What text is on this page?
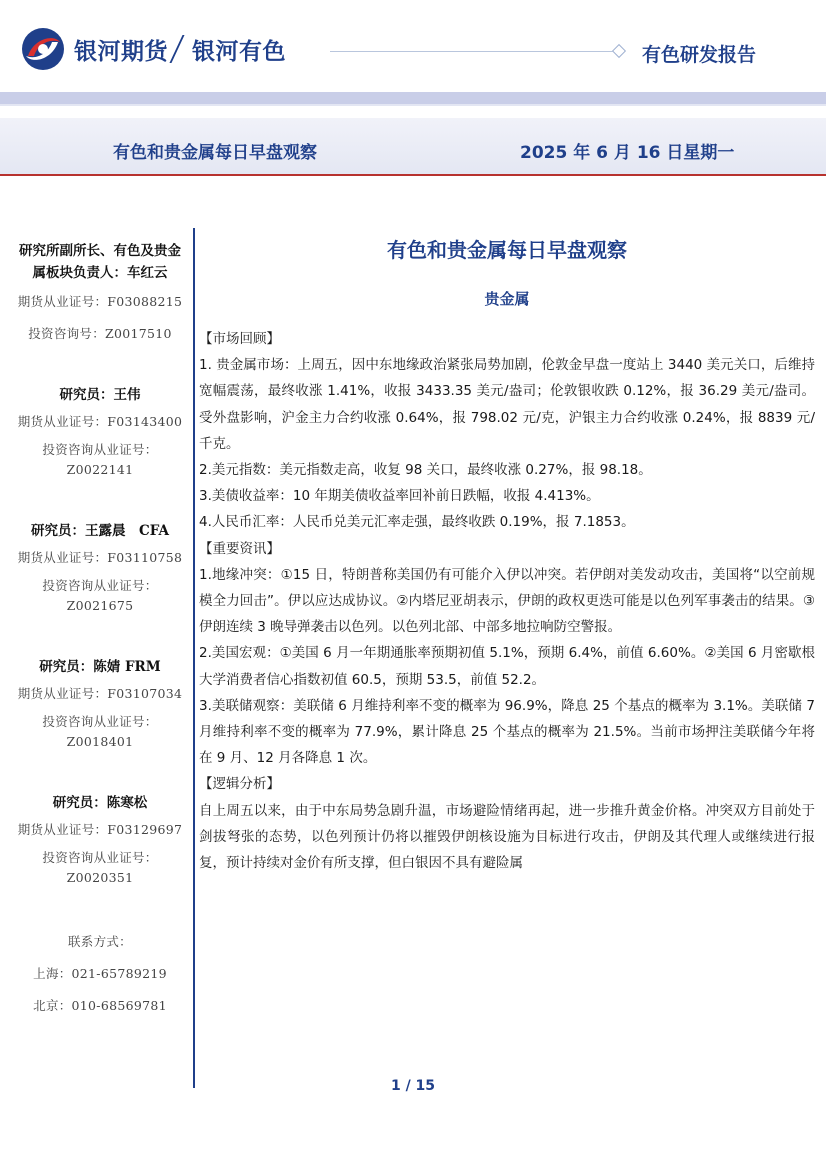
银河期货 银河有色	有色研发报告
有色和贵金属每日早盘观察	2025 年 6 月 16 日星期一
研究所副所长、有色及贵金属板块负责人：车红云
期货从业证号：F03088215
投资咨询号：Z0017510
研究员：王伟
期货从业证号：F03143400
投资咨询从业证号：
Z0022141
研究员：王露晨　CFA
期货从业证号：F03110758
投资咨询从业证号：
Z0021675
研究员：陈婧 FRM
期货从业证号：F03107034
投资咨询从业证号：
Z0018401
研究员：陈寒松
期货从业证号：F03129697
投资咨询从业证号：
Z0020351
联系方式：
上海：021-65789219
北京：010-68569781
有色和贵金属每日早盘观察
贵金属
【市场回顾】
1. 贵金属市场：上周五，因中东地缘政治紧张局势加剧，伦敦金早盘一度站上 3440 美元关口，后维持宽幅震荡，最终收涨 1.41%，收报 3433.35 美元/盎司；伦敦银收跌 0.12%，报 36.29 美元/盎司。受外盘影响，沪金主力合约收涨 0.64%，报 798.02 元/克，沪银主力合约收涨 0.24%，报 8839 元/千克。
2.美元指数：美元指数走高，收复 98 关口，最终收涨 0.27%，报 98.18。
3.美债收益率：10 年期美债收益率回补前日跌幅，收报 4.413%。
4.人民币汇率：人民币兑美元汇率走强，最终收跌 0.19%，报 7.1853。
【重要资讯】
1.地缘冲突：①15 日，特朗普称美国仍有可能介入伊以冲突。若伊朗对美发动攻击，美国将“以空前规模全力回击”。伊以应达成协议。②内塔尼亚胡表示，伊朗的政权更迭可能是以色列军事袭击的结果。③伊朗连续 3 晚导弹袭击以色列。以色列北部、中部多地拉响防空警报。
2.美国宏观：①美国 6 月一年期通胀率预期初值 5.1%，预期 6.4%，前值 6.60%。②美国 6 月密歇根大学消费者信心指数初值 60.5，预期 53.5，前值 52.2。
3.美联储观察：美联储 6 月维持利率不变的概率为 96.9%，降息 25 个基点的概率为 3.1%。美联储 7 月维持利率不变的概率为 77.9%，累计降息 25 个基点的概率为 21.5%。当前市场押注美联储今年将在 9 月、12 月各降息 1 次。
【逻辑分析】
自上周五以来，由于中东局势急剧升温，市场避险情绪再起，进一步推升黄金价格。冲突双方目前处于剑拔弩张的态势，以色列预计仍将以摧毁伊朗核设施为目标进行攻击，伊朗及其代理人或继续进行报复，预计持续对金价有所支撑，但白银因不具有避险属
1 / 15
